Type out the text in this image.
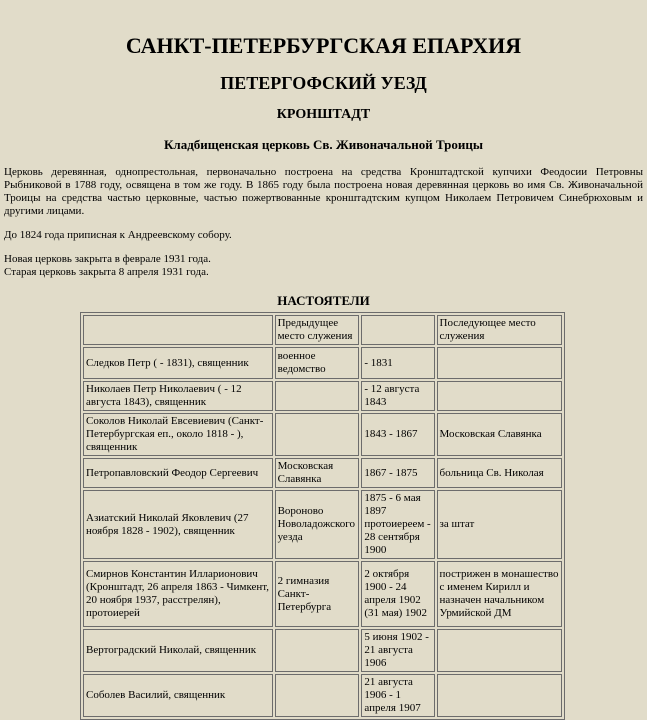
САНКТ-ПЕТЕРБУРГСКАЯ ЕПАРХИЯ
ПЕТЕРГОФСКИЙ УЕЗД
КРОНШТАДТ
Кладбищенская церковь Св. Живоначальной Троицы
Церковь деревянная, однопрестольная, первоначально построена на средства Кронштадтской купчихи Феодосии Петровны Рыбниковой в 1788 году, освящена в том же году. В 1865 году была построена новая деревянная церковь во имя Св. Живоначальной Троицы на средства частью церковные, частью пожертвованные кронштадтским купцом Николаем Петровичем Синебрюховым и другими лицами.
До 1824 года приписная к Андреевскому собору.
Новая церковь закрыта в феврале 1931 года.
Старая церковь закрыта 8 апреля 1931 года.
НАСТОЯТЕЛИ
	Предыдущее место служения		Последующее место служения
Следков Петр ( - 1831), священник	военное ведомство	- 1831	
Николаев Петр Николаевич ( - 12 августа 1843), священник		- 12 августа 1843	
Соколов Николай Евсевиевич (Санкт-Петербургская еп., около 1818 - ), священник		1843 - 1867	Московская Славянка
Петропавловский Феодор Сергеевич	Московская Славянка	1867 - 1875	больница Св. Николая
Азиатский Николай Яковлевич (27 ноября 1828 - 1902), священник	Вороново Новоладожского уезда	1875 - 6 мая 1897 протоиереем - 28 сентября 1900	за штат
Смирнов Константин Илларионович (Кронштадт, 26 апреля 1863 - Чимкент, 20 ноября 1937, расстрелян), протоиерей	2 гимназия Санкт-Петербурга	2 октября 1900 - 24 апреля 1902 (31 мая) 1902	пострижен в монашество с именем Кирилл и назначен начальником Урмийской ДМ
Вертоградский Николай, священник		5 июня 1902 - 21 августа 1906	
Соболев Василий, священник		21 августа 1906 - 1 апреля 1907	
